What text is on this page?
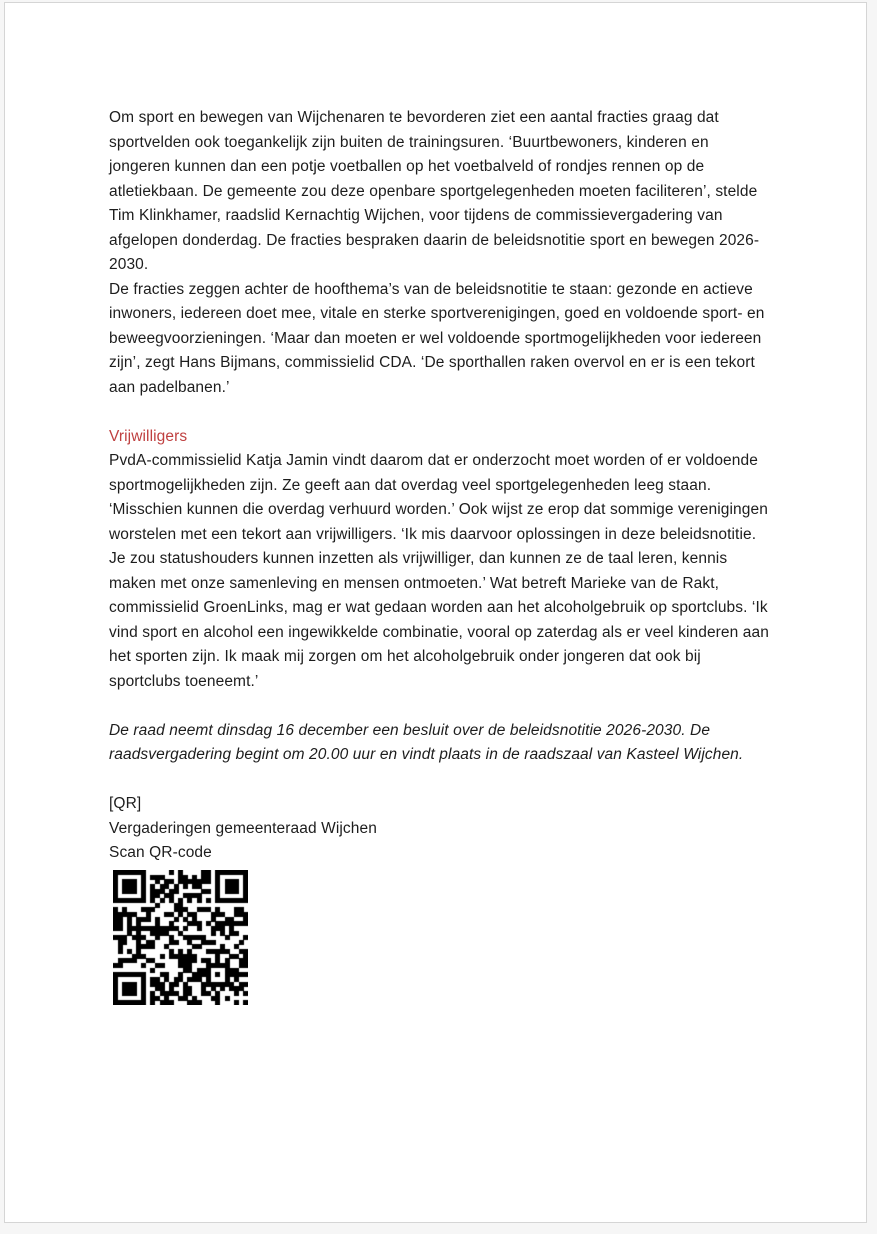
Om sport en bewegen van Wijchenaren te bevorderen ziet een aantal fracties graag dat sportvelden ook toegankelijk zijn buiten de trainingsuren. ‘Buurtbewoners, kinderen en jongeren kunnen dan een potje voetballen op het voetbalveld of rondjes rennen op de atletiekbaan. De gemeente zou deze openbare sportgelegenheden moeten faciliteren’, stelde Tim Klinkhamer, raadslid Kernachtig Wijchen, voor tijdens de commissievergadering van afgelopen donderdag. De fracties bespraken daarin de beleidsnotitie sport en bewegen 2026-2030.

De fracties zeggen achter de hoofthema’s van de beleidsnotitie te staan: gezonde en actieve inwoners, iedereen doet mee, vitale en sterke sportverenigingen, goed en voldoende sport- en beweegvoorzieningen. ‘Maar dan moeten er wel voldoende sportmogelijkheden voor iedereen zijn’, zegt Hans Bijmans, commissielid CDA. ‘De sporthallen raken overvol en er is een tekort aan padelbanen.’

Vrijwilligers

PvdA-commissielid Katja Jamin vindt daarom dat er onderzocht moet worden of er voldoende sportmogelijkheden zijn. Ze geeft aan dat overdag veel sportgelegenheden leeg staan. ‘Misschien kunnen die overdag verhuurd worden.’ Ook wijst ze erop dat sommige verenigingen worstelen met een tekort aan vrijwilligers. ‘Ik mis daarvoor oplossingen in deze beleidsnotitie. Je zou statushouders kunnen inzetten als vrijwilliger, dan kunnen ze de taal leren, kennis maken met onze samenleving en mensen ontmoeten.’ Wat betreft Marieke van de Rakt, commissielid GroenLinks, mag er wat gedaan worden aan het alcoholgebruik op sportclubs. ‘Ik vind sport en alcohol een ingewikkelde combinatie, vooral op zaterdag als er veel kinderen aan het sporten zijn. Ik maak mij zorgen om het alcoholgebruik onder jongeren dat ook bij sportclubs toeneemt.’

De raad neemt dinsdag 16 december een besluit over de beleidsnotitie 2026-2030. De raadsvergadering begint om 20.00 uur en vindt plaats in de raadszaal van Kasteel Wijchen.

[QR]

Vergaderingen gemeenteraad Wijchen

Scan QR-code
